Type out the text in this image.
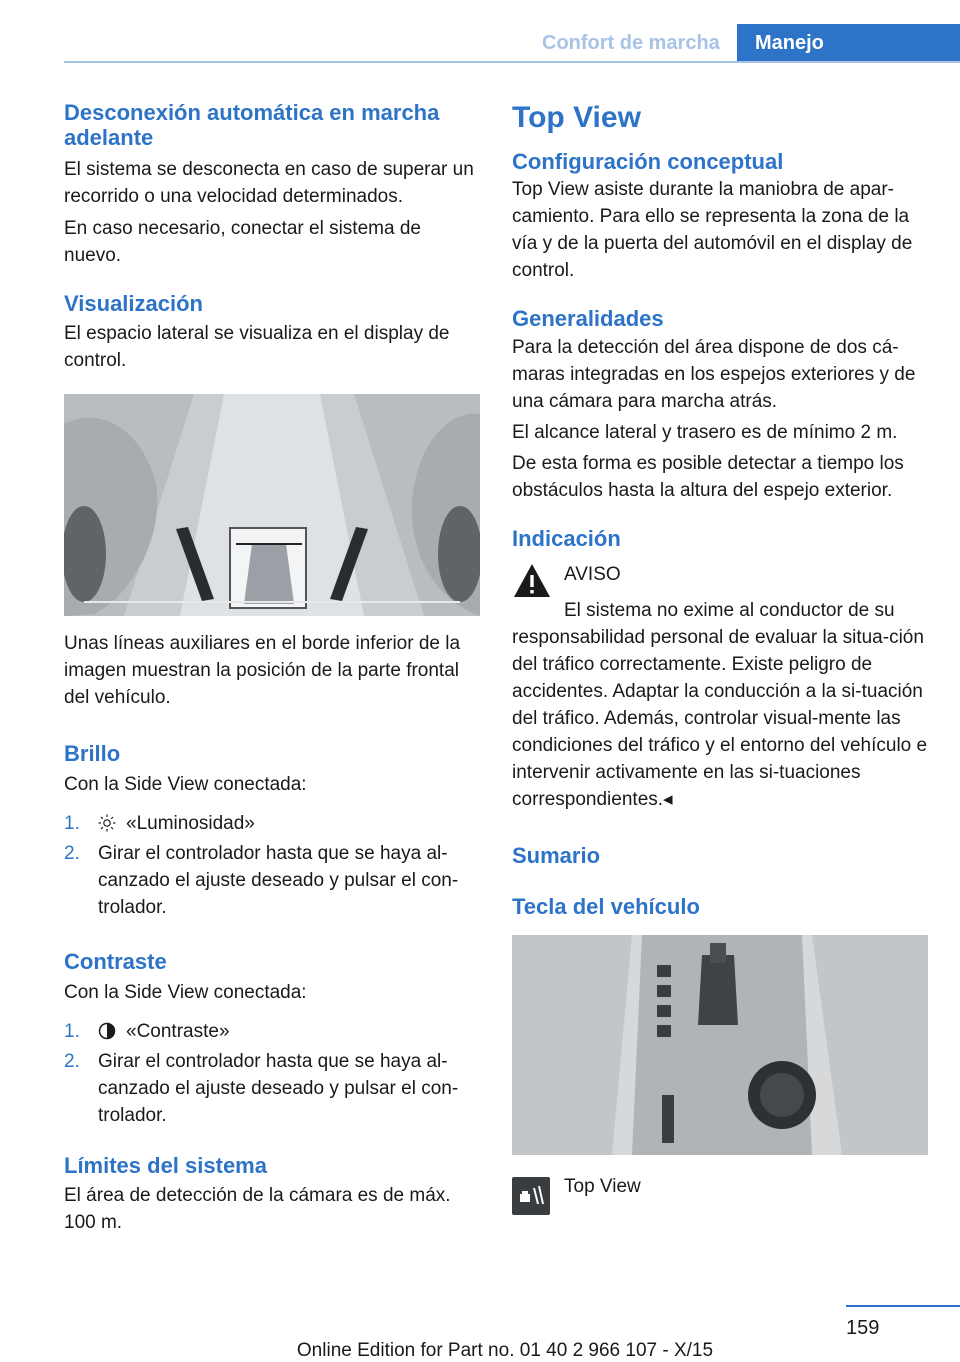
Confort de marcha	Manejo
Desconexión automática en marcha adelante

El sistema se desconecta en caso de superar un recorrido o una velocidad determinados.

En caso necesario, conectar el sistema de nuevo.

Visualización

El espacio lateral se visualiza en el display de control.

Unas líneas auxiliares en el borde inferior de la imagen muestran la posición de la parte frontal del vehículo.

Brillo

Con la Side View conectada:

1.	«Luminosidad»
2. Girar el controlador hasta que se haya al-canzado el ajuste deseado y pulsar el con-trolador.
Contraste

Con la Side View conectada:

1.	«Contraste»
2. Girar el controlador hasta que se haya al-canzado el ajuste deseado y pulsar el con-trolador.
Límites del sistema

El área de detección de la cámara es de máx. 100 m.

Top View
Configuración conceptual

Top View asiste durante la maniobra de apar-camiento. Para ello se representa la zona de la vía y de la puerta del automóvil en el display de control.

Generalidades

Para la detección del área dispone de dos cá-maras integradas en los espejos exteriores y de una cámara para marcha atrás.

El alcance lateral y trasero es de mínimo 2 m.

De esta forma es posible detectar a tiempo los obstáculos hasta la altura del espejo exterior.

Indicación

AVISO

El sistema no exime al conductor de su responsabilidad personal de evaluar la situa-ción del tráfico correctamente. Existe peligro de accidentes. Adaptar la conducción a la si-tuación del tráfico. Además, controlar visual-mente las condiciones del tráfico y el entorno del vehículo e intervenir activamente en las si-tuaciones correspondientes.◂

Sumario
Tecla del vehículo

Top View

159
Online Edition for Part no. 01 40 2 966 107 - X/15
